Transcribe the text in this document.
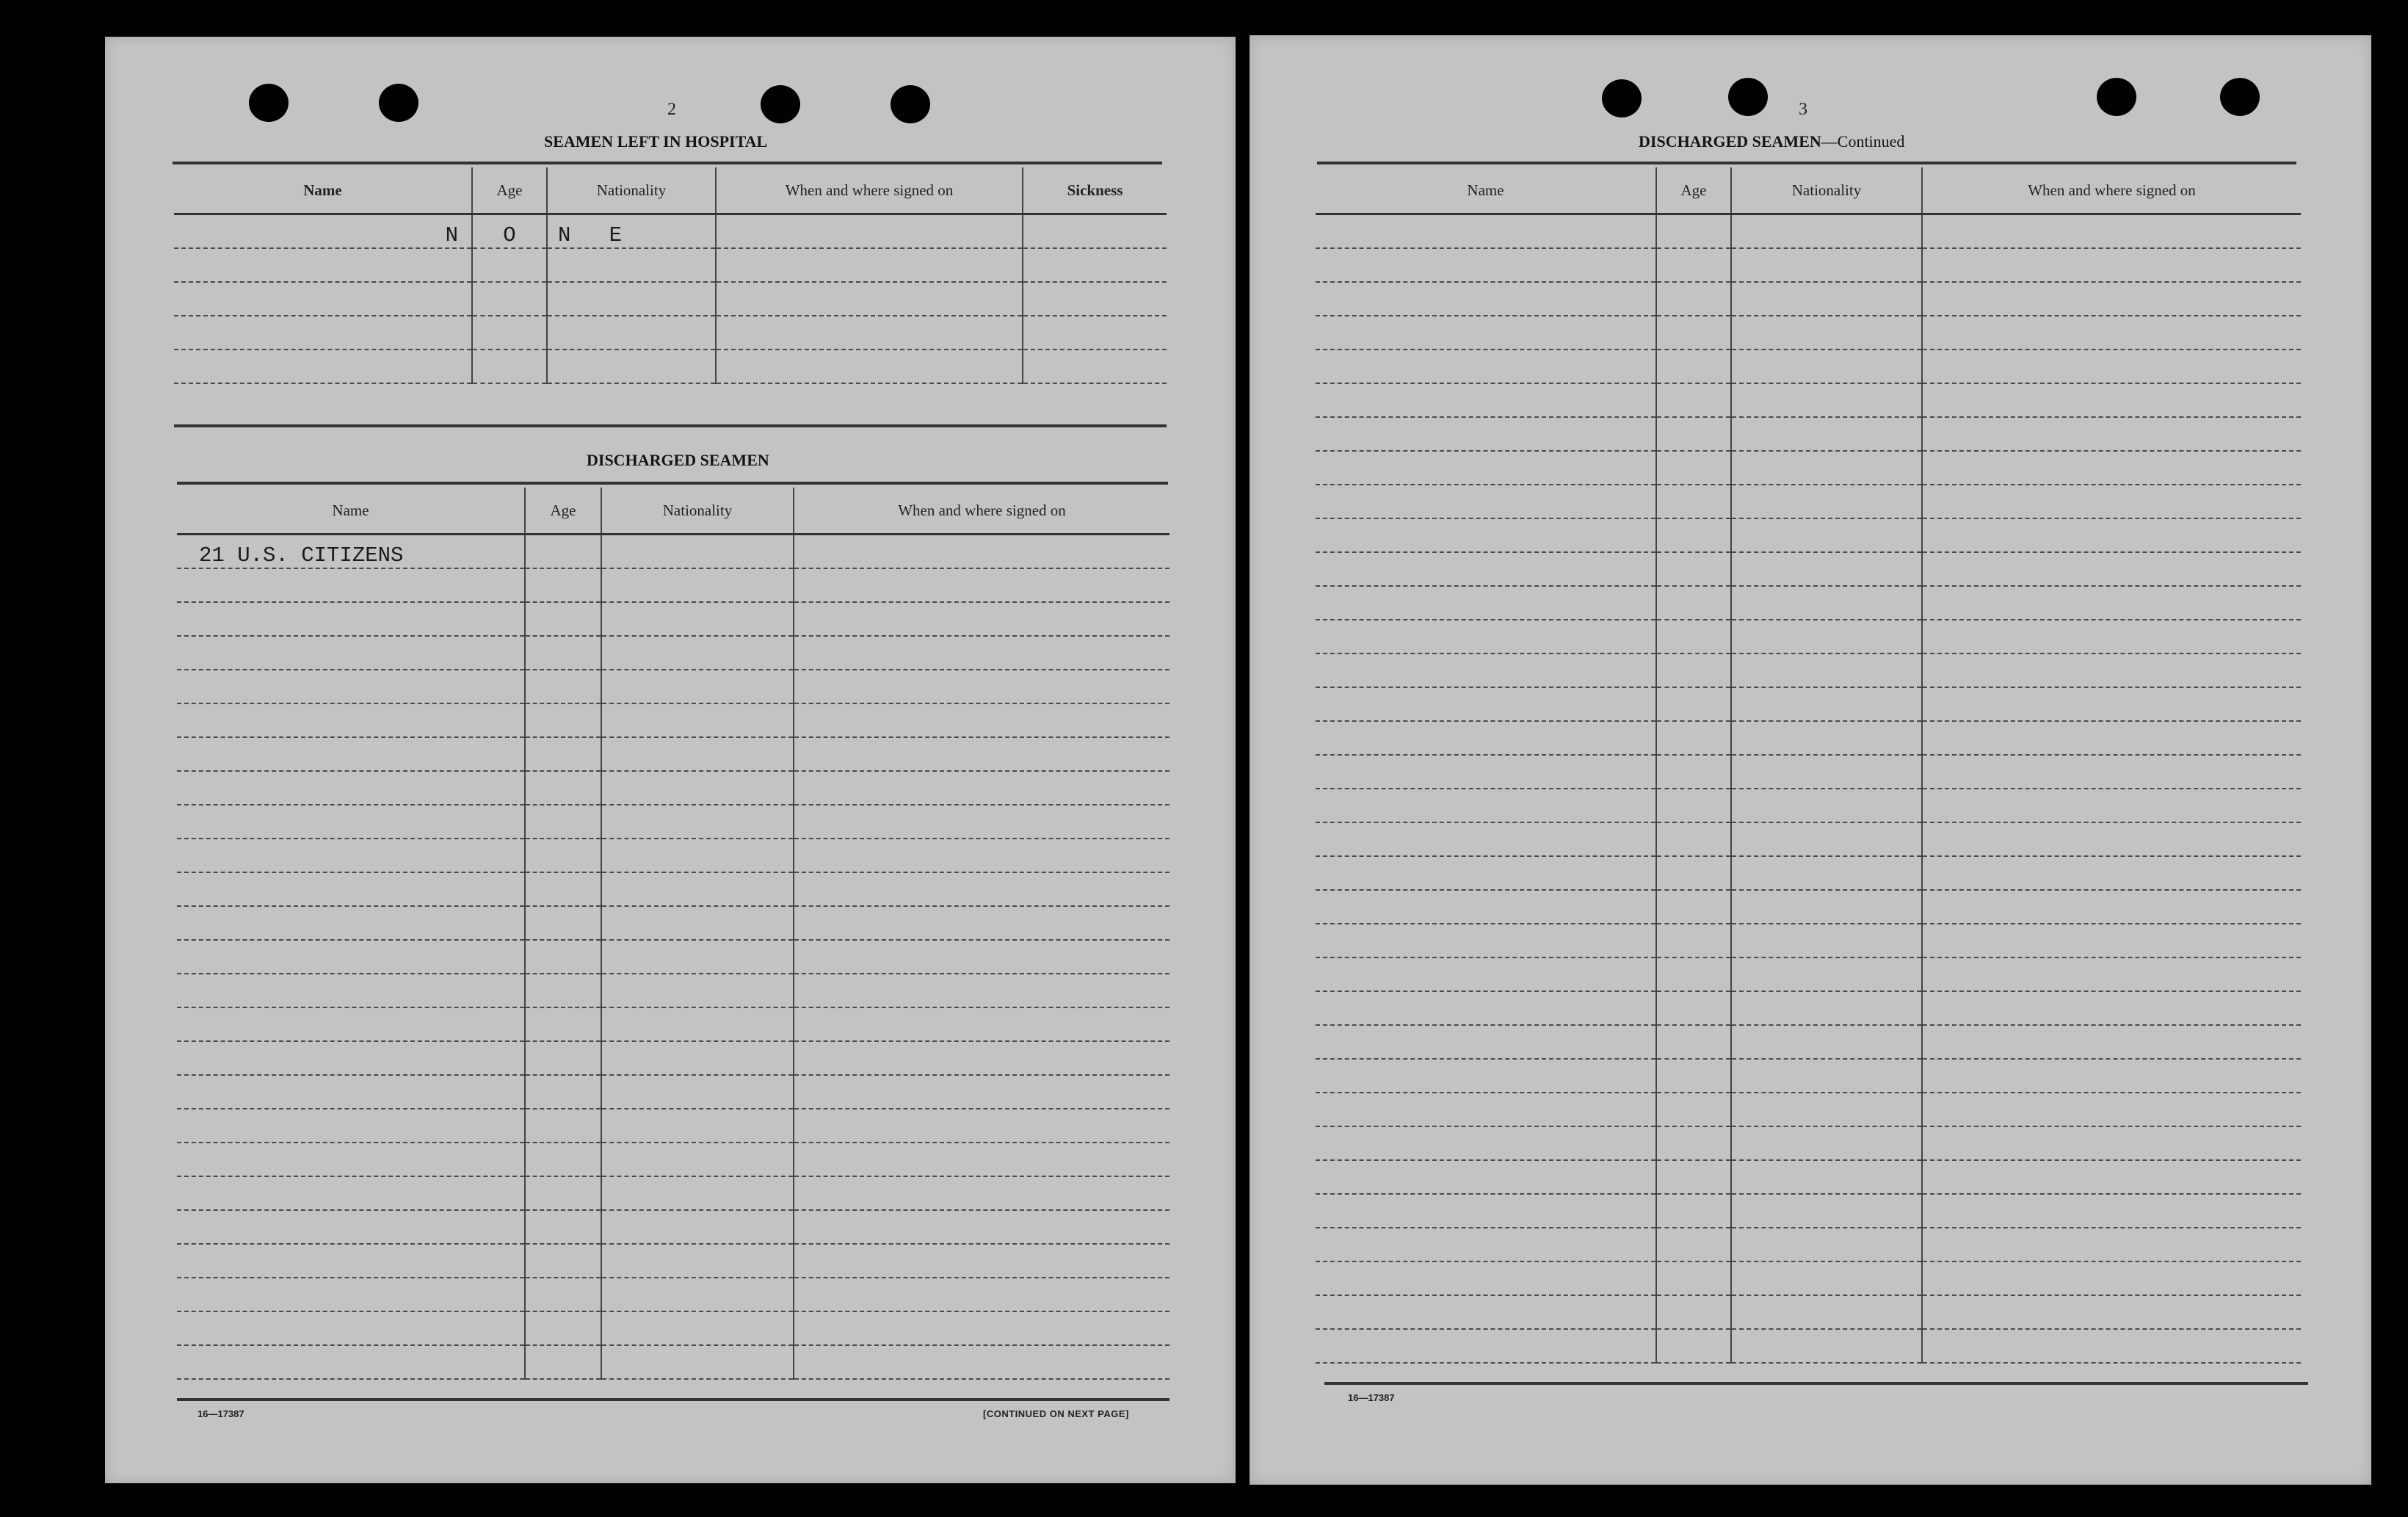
2
SEAMEN LEFT IN HOSPITAL
Name	Age	Nationality	When and where signed on	Sickness
N	O	N   E		

DISCHARGED SEAMEN
Name	Age	Nationality	When and where signed on
21 U.S. CITIZENS			

16—17387	[CONTINUED ON NEXT PAGE]
3
DISCHARGED SEAMEN—Continued
Name	Age	Nationality	When and where signed on

16—17387
